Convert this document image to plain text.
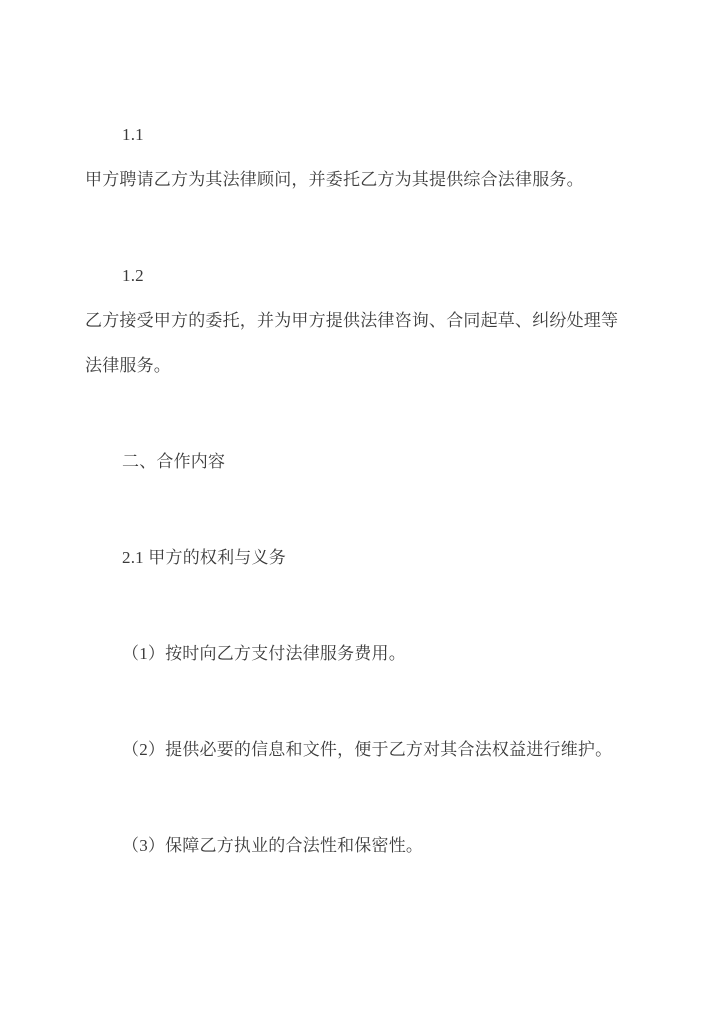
1.1

甲方聘请乙方为其法律顾问，并委托乙方为其提供综合法律服务。

1.2

乙方接受甲方的委托，并为甲方提供法律咨询、合同起草、纠纷处理等法律服务。

二、合作内容

2.1 甲方的权利与义务

（1）按时向乙方支付法律服务费用。

（2）提供必要的信息和文件，便于乙方对其合法权益进行维护。

（3）保障乙方执业的合法性和保密性。
